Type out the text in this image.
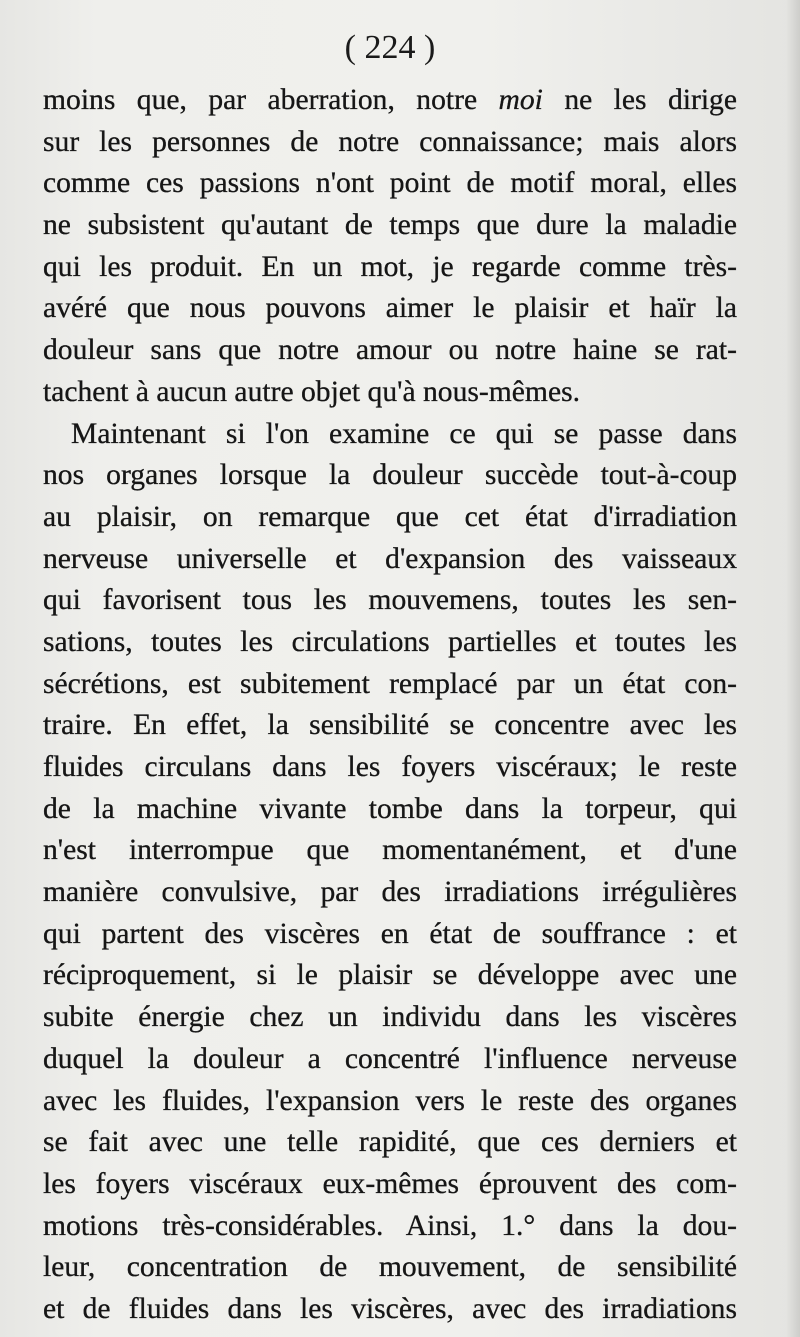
( 224 )
moins que, par aberration, notre moi ne les dirige
sur les personnes de notre connaissance; mais alors
comme ces passions n'ont point de motif moral, elles
ne subsistent qu'autant de temps que dure la maladie
qui les produit. En un mot, je regarde comme très-
avéré que nous pouvons aimer le plaisir et haïr la
douleur sans que notre amour ou notre haine se rat-
tachent à aucun autre objet qu'à nous-mêmes.
Maintenant si l'on examine ce qui se passe dans
nos organes lorsque la douleur succède tout-à-coup
au plaisir, on remarque que cet état d'irradiation
nerveuse universelle et d'expansion des vaisseaux
qui favorisent tous les mouvemens, toutes les sen-
sations, toutes les circulations partielles et toutes les
sécrétions, est subitement remplacé par un état con-
traire. En effet, la sensibilité se concentre avec les
fluides circulans dans les foyers viscéraux; le reste
de la machine vivante tombe dans la torpeur, qui
n'est interrompue que momentanément, et d'une
manière convulsive, par des irradiations irrégulières
qui partent des viscères en état de souffrance : et
réciproquement, si le plaisir se développe avec une
subite énergie chez un individu dans les viscères
duquel la douleur a concentré l'influence nerveuse
avec les fluides, l'expansion vers le reste des organes
se fait avec une telle rapidité, que ces derniers et
les foyers viscéraux eux-mêmes éprouvent des com-
motions très-considérables. Ainsi, 1.° dans la dou-
leur, concentration de mouvement, de sensibilité
et de fluides dans les viscères, avec des irradiations
